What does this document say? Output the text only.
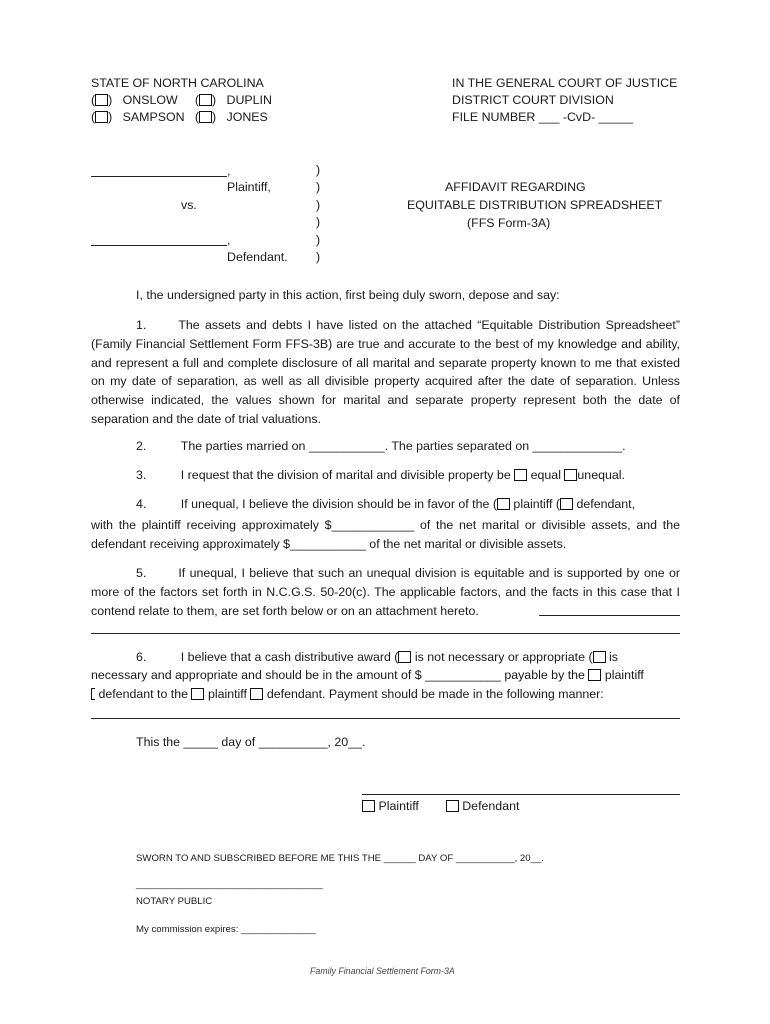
STATE OF NORTH CAROLINA
( )   ONSLOW     ( )   DUPLIN
( )   SAMPSON   ( )   JONES
IN THE GENERAL COURT OF JUSTICE
DISTRICT COURT DIVISION
FILE NUMBER ___ -CvD- _____
,
Plaintiff,
vs.
,
Defendant.
)
)
)
)
)
)
AFFIDAVIT REGARDING
EQUITABLE DISTRIBUTION SPREADSHEET
(FFS Form-3A)
I, the undersigned party in this action, first being duly sworn, depose and say:
1.	The assets and debts I have listed on the attached “Equitable Distribution Spreadsheet” (Family Financial Settlement Form FFS-3B) are true and accurate to the best of my knowledge and ability, and represent a full and complete disclosure of all marital and separate property known to me that existed on my date of separation, as well as all divisible property acquired after the date of separation. Unless otherwise indicated, the values shown for marital and separate property represent both the date of separation and the date of trial valuations.
2.	The parties married on ___________. The parties separated on _____________.
3.	I request that the division of marital and divisible property be equal unequal.
4.	If unequal, I believe the division should be in favor of the ( plaintiff ( defendant,
with the plaintiff receiving approximately $____________ of the net marital or divisible assets, and the defendant receiving approximately $___________ of the net marital or divisible assets.
5.	If unequal, I believe that such an unequal division is equitable and is supported by one or more of the factors set forth in N.C.G.S. 50-20(c). The applicable factors, and the facts in this case that I contend relate to them, are set forth below or on an attachment hereto.
6.	I believe that a cash distributive award ( is not necessary or appropriate ( is
necessary and appropriate and should be in the amount of $ ___________ payable by the plaintiff
defendant to the plaintiff defendant. Payment should be made in the following manner:
This the _____ day of __________, 20__.
Plaintiff	Defendant
SWORN TO AND SUBSCRIBED BEFORE ME THIS THE ______ DAY OF ___________, 20__.
___________________________________
NOTARY PUBLIC
My commission expires: ______________
Family Financial Settlement Form-3A
